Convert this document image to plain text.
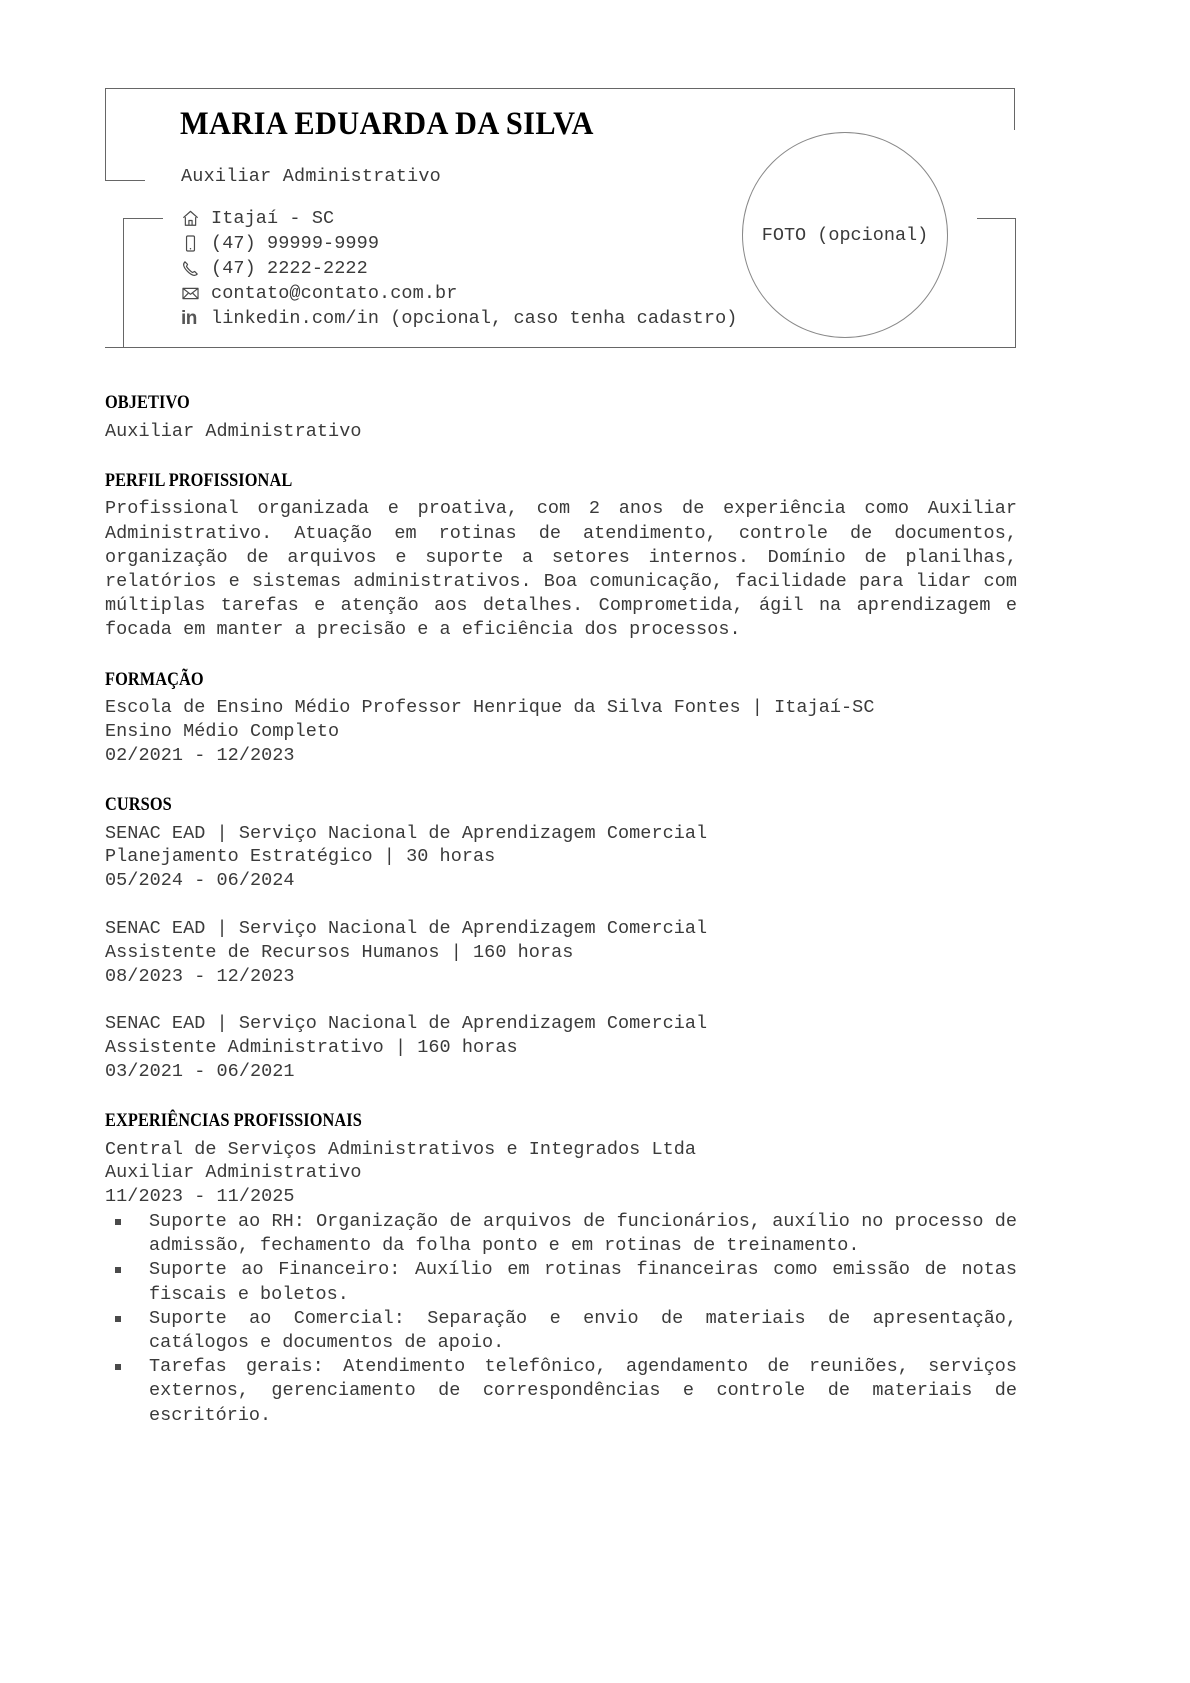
MARIA EDUARDA DA SILVA
Auxiliar Administrativo
Itajaí - SC
(47) 99999-9999
(47) 2222-2222
contato@contato.com.br
in linkedin.com/in (opcional, caso tenha cadastro)
FOTO (opcional)
OBJETIVO
Auxiliar Administrativo
PERFIL PROFISSIONAL

Profissional organizada e proativa, com 2 anos de experiência como Auxiliar Administrativo. Atuação em rotinas de atendimento, controle de documentos, organização de arquivos e suporte a setores internos. Domínio de planilhas, relatórios e sistemas administrativos. Boa comunicação, facilidade para lidar com múltiplas tarefas e atenção aos detalhes. Comprometida, ágil na aprendizagem e focada em manter a precisão e a eficiência dos processos.

FORMAÇÃO
Escola de Ensino Médio Professor Henrique da Silva Fontes | Itajaí-SC
Ensino Médio Completo
02/2021 - 12/2023
CURSOS
SENAC EAD | Serviço Nacional de Aprendizagem Comercial
Planejamento Estratégico | 30 horas
05/2024 - 06/2024
SENAC EAD | Serviço Nacional de Aprendizagem Comercial
Assistente de Recursos Humanos | 160 horas
08/2023 - 12/2023
SENAC EAD | Serviço Nacional de Aprendizagem Comercial
Assistente Administrativo | 160 horas
03/2021 - 06/2021
EXPERIÊNCIAS PROFISSIONAIS
Central de Serviços Administrativos e Integrados Ltda
Auxiliar Administrativo
11/2023 - 11/2025
Suporte ao RH: Organização de arquivos de funcionários, auxílio no processo de admissão, fechamento da folha ponto e em rotinas de treinamento.
Suporte ao Financeiro: Auxílio em rotinas financeiras como emissão de notas fiscais e boletos.
Suporte ao Comercial: Separação e envio de materiais de apresentação, catálogos e documentos de apoio.
Tarefas gerais: Atendimento telefônico, agendamento de reuniões, serviços externos, gerenciamento de correspondências e controle de materiais de escritório.
